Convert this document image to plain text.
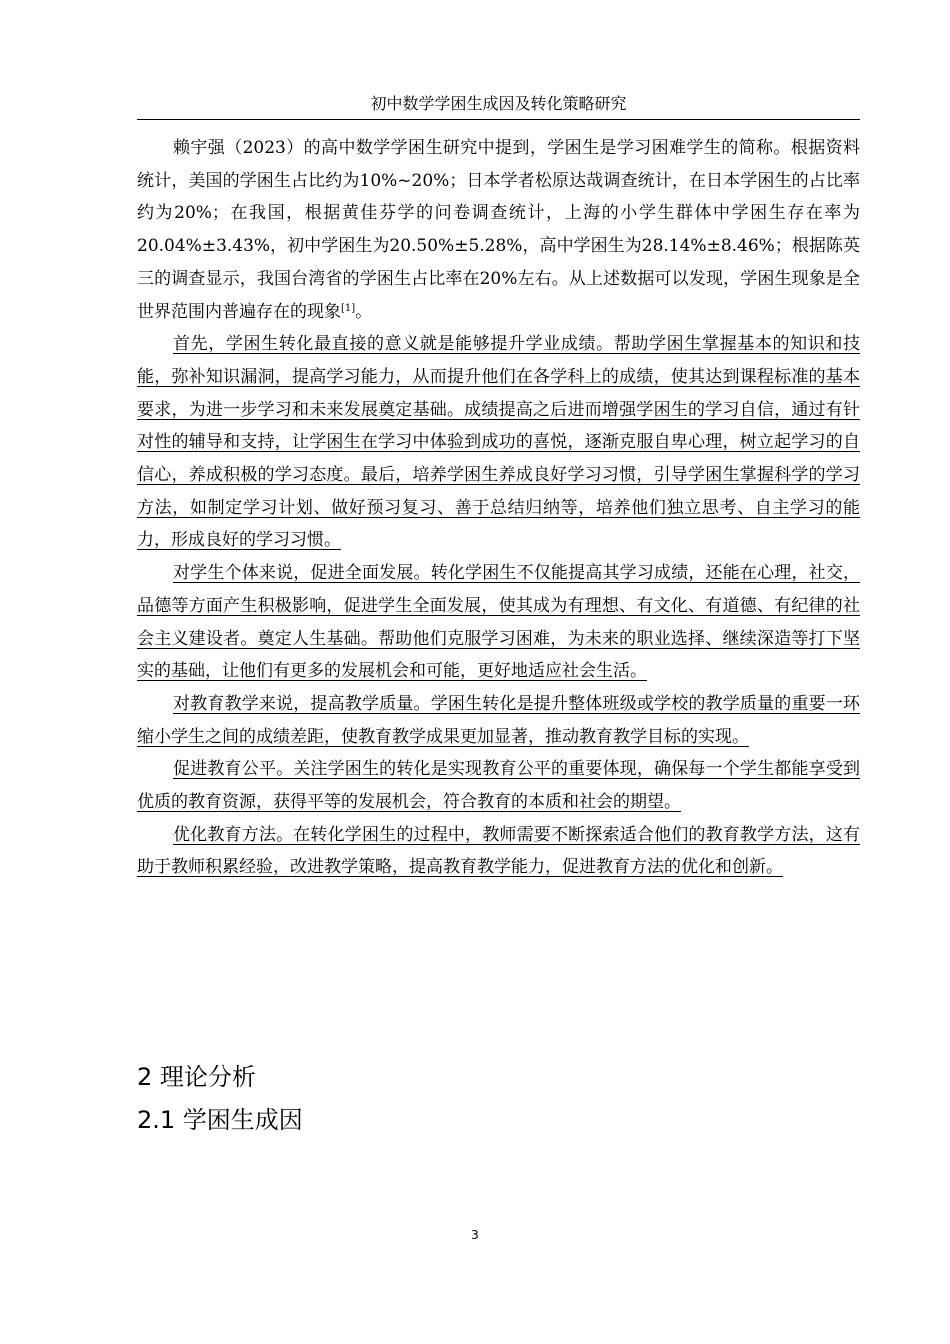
初中数学学困生成因及转化策略研究

赖宇强（2023）的高中数学学困生研究中提到，学困生是学习困难学生的简称。根据资料统计，美国的学困生占比约为10%~20%；日本学者松原达哉调查统计，在日本学困生的占比率约为20%；在我国，根据黄佳芬学的问卷调查统计，上海的小学生群体中学困生存在率为20.04%±3.43%，初中学困生为20.50%±5.28%，高中学困生为28.14%±8.46%；根据陈英三的调查显示，我国台湾省的学困生占比率在20%左右。从上述数据可以发现，学困生现象是全世界范围内普遍存在的现象[1]。

首先，学困生转化最直接的意义就是能够提升学业成绩。帮助学困生掌握基本的知识和技能，弥补知识漏洞，提高学习能力，从而提升他们在各学科上的成绩，使其达到课程标准的基本要求，为进一步学习和未来发展奠定基础。成绩提高之后进而增强学困生的学习自信，通过有针对性的辅导和支持，让学困生在学习中体验到成功的喜悦，逐渐克服自卑心理，树立起学习的自信心，养成积极的学习态度。最后，培养学困生养成良好学习习惯，引导学困生掌握科学的学习方法，如制定学习计划、做好预习复习、善于总结归纳等，培养他们独立思考、自主学习的能力，形成良好的学习习惯。

对学生个体来说，促进全面发展。转化学困生不仅能提高其学习成绩，还能在心理，社交，品德等方面产生积极影响，促进学生全面发展，使其成为有理想、有文化、有道德、有纪律的社会主义建设者。奠定人生基础。帮助他们克服学习困难，为未来的职业选择、继续深造等打下坚实的基础，让他们有更多的发展机会和可能，更好地适应社会生活。

对教育教学来说，提高教学质量。学困生转化是提升整体班级或学校的教学质量的重要一环缩小学生之间的成绩差距，使教育教学成果更加显著，推动教育教学目标的实现。

促进教育公平。关注学困生的转化是实现教育公平的重要体现，确保每一个学生都能享受到优质的教育资源，获得平等的发展机会，符合教育的本质和社会的期望。

优化教育方法。在转化学困生的过程中，教师需要不断探索适合他们的教育教学方法，这有助于教师积累经验，改进教学策略，提高教育教学能力，促进教育方法的优化和创新。

2 理论分析
2.1 学困生成因
3
